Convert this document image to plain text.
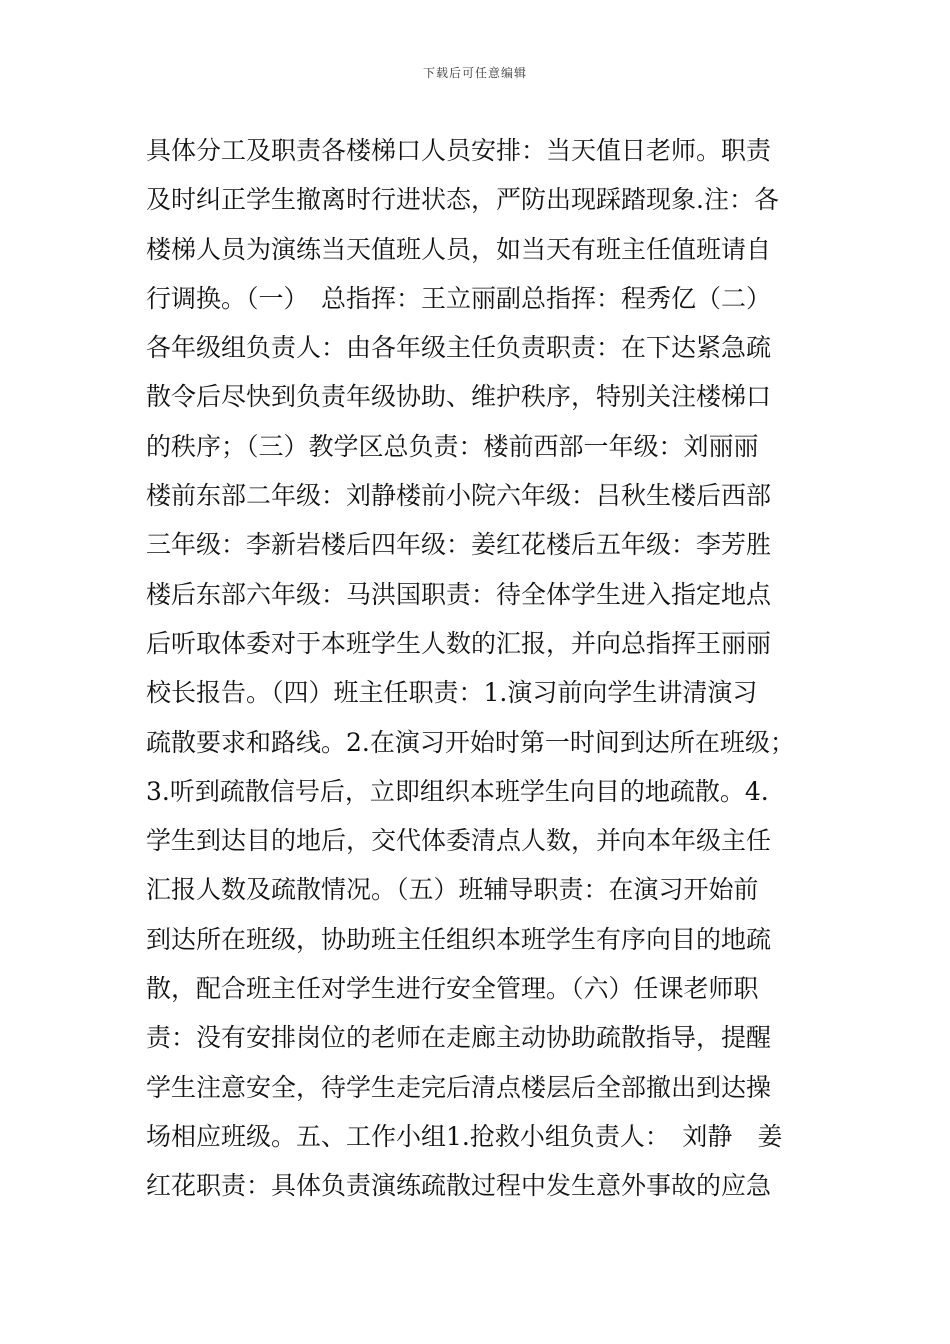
下载后可任意编辑
具体分工及职责各楼梯口人员安排：当天值日老师。职责
及时纠正学生撤离时行进状态，严防出现踩踏现象.注：各
楼梯人员为演练当天值班人员，如当天有班主任值班请自
行调换。（一）　总指挥：王立丽副总指挥：程秀亿（二）
各年级组负责人：由各年级主任负责职责：在下达紧急疏
散令后尽快到负责年级协助、维护秩序，特别关注楼梯口
的秩序；（三）教学区总负责：楼前西部一年级：刘丽丽
楼前东部二年级：刘静楼前小院六年级：吕秋生楼后西部
三年级：李新岩楼后四年级：姜红花楼后五年级：李芳胜
楼后东部六年级：马洪国职责：待全体学生进入指定地点
后听取体委对于本班学生人数的汇报，并向总指挥王丽丽
校长报告。（四）班主任职责：1.演习前向学生讲清演习
疏散要求和路线。2.在演习开始时第一时间到达所在班级；
3.听到疏散信号后，立即组织本班学生向目的地疏散。4.
学生到达目的地后，交代体委清点人数，并向本年级主任
汇报人数及疏散情况。（五）班辅导职责：在演习开始前
到达所在班级，协助班主任组织本班学生有序向目的地疏
散，配合班主任对学生进行安全管理。（六）任课老师职
责：没有安排岗位的老师在走廊主动协助疏散指导，提醒
学生注意安全，待学生走完后清点楼层后全部撤出到达操
场相应班级。五、工作小组1.抢救小组负责人：　刘静　姜
红花职责：具体负责演练疏散过程中发生意外事故的应急
